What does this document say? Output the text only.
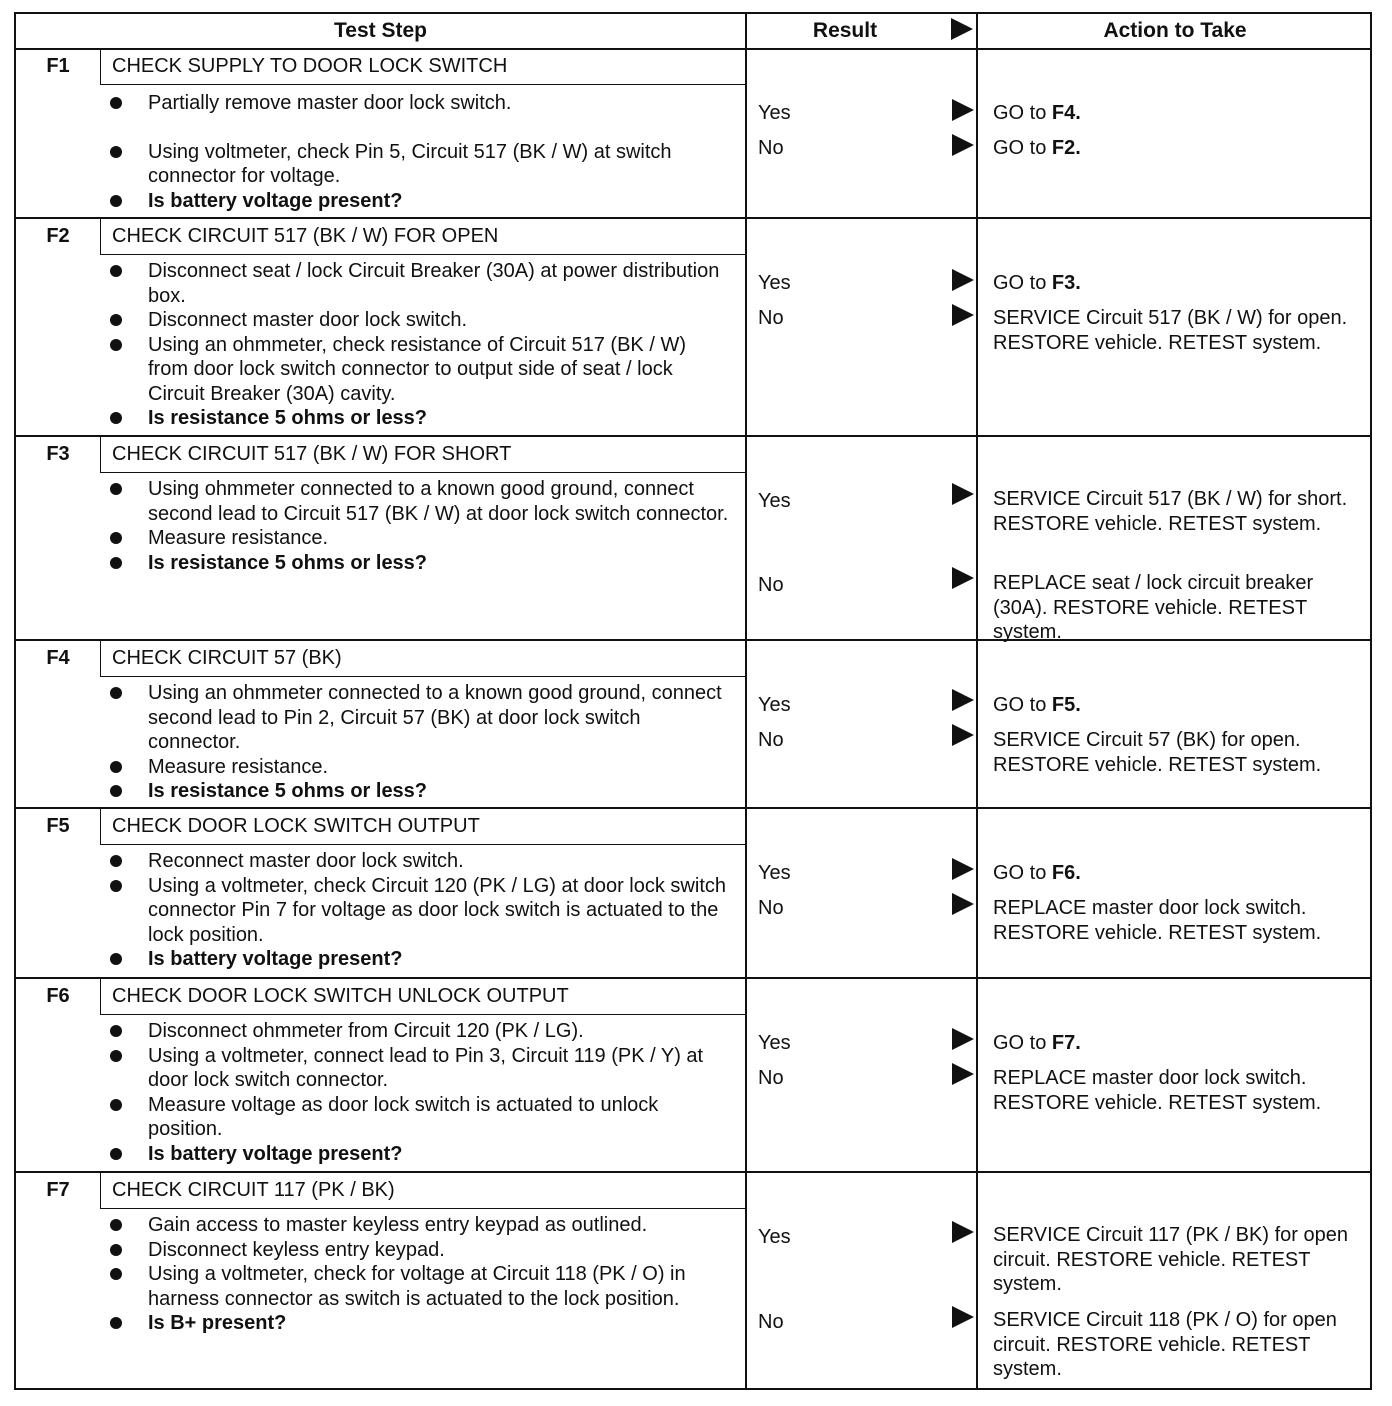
Test Step	Result	Action to Take
F1	CHECK SUPPLY TO DOOR LOCK SWITCH
Partially remove master door lock switch.
Using voltmeter, check Pin 5, Circuit 517 (BK / W) at switch connector for voltage.
Is battery voltage present?
Yes	GO to F4.
No	GO to F2.
F2	CHECK CIRCUIT 517 (BK / W) FOR OPEN
Disconnect seat / lock Circuit Breaker (30A) at power distribution box.
Disconnect master door lock switch.
Using an ohmmeter, check resistance of Circuit 517 (BK / W) from door lock switch connector to output side of seat / lock Circuit Breaker (30A) cavity.
Is resistance 5 ohms or less?
Yes	GO to F3.
No	SERVICE Circuit 517 (BK / W) for open. RESTORE vehicle. RETEST system.
F3	CHECK CIRCUIT 517 (BK / W) FOR SHORT
Using ohmmeter connected to a known good ground, connect second lead to Circuit 517 (BK / W) at door lock switch connector.
Measure resistance.
Is resistance 5 ohms or less?
Yes	SERVICE Circuit 517 (BK / W) for short. RESTORE vehicle. RETEST system.
No	REPLACE seat / lock circuit breaker (30A). RESTORE vehicle. RETEST system.
F4	CHECK CIRCUIT 57 (BK)
Using an ohmmeter connected to a known good ground, connect second lead to Pin 2, Circuit 57 (BK) at door lock switch connector.
Measure resistance.
Is resistance 5 ohms or less?
Yes	GO to F5.
No	SERVICE Circuit 57 (BK) for open. RESTORE vehicle. RETEST system.
F5	CHECK DOOR LOCK SWITCH OUTPUT
Reconnect master door lock switch.
Using a voltmeter, check Circuit 120 (PK / LG) at door lock switch connector Pin 7 for voltage as door lock switch is actuated to the lock position.
Is battery voltage present?
Yes	GO to F6.
No	REPLACE master door lock switch. RESTORE vehicle. RETEST system.
F6	CHECK DOOR LOCK SWITCH UNLOCK OUTPUT
Disconnect ohmmeter from Circuit 120 (PK / LG).
Using a voltmeter, connect lead to Pin 3, Circuit 119 (PK / Y) at door lock switch connector.
Measure voltage as door lock switch is actuated to unlock position.
Is battery voltage present?
Yes	GO to F7.
No	REPLACE master door lock switch. RESTORE vehicle. RETEST system.
F7	CHECK CIRCUIT 117 (PK / BK)
Gain access to master keyless entry keypad as outlined.
Disconnect keyless entry keypad.
Using a voltmeter, check for voltage at Circuit 118 (PK / O) in harness connector as switch is actuated to the lock position.
Is B+ present?
Yes	SERVICE Circuit 117 (PK / BK) for open circuit. RESTORE vehicle. RETEST system.
No	SERVICE Circuit 118 (PK / O) for open circuit. RESTORE vehicle. RETEST system.
